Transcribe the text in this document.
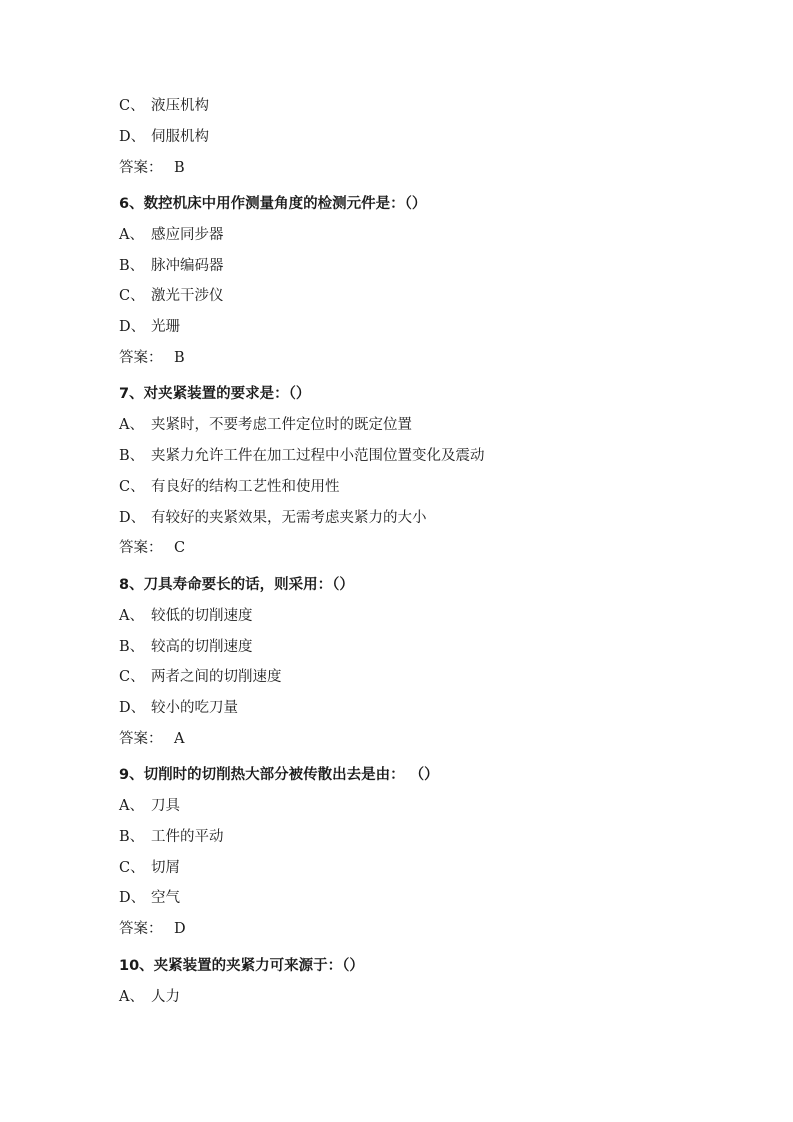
C、 液压机构
D、 伺服机构
答案： B
6、数控机床中用作测量角度的检测元件是：（）
A、 感应同步器
B、 脉冲编码器
C、 激光干涉仪
D、 光珊
答案： B
7、对夹紧装置的要求是：（）
A、 夹紧时，不要考虑工件定位时的既定位置
B、 夹紧力允许工件在加工过程中小范围位置变化及震动
C、 有良好的结构工艺性和使用性
D、 有较好的夹紧效果，无需考虑夹紧力的大小
答案： C
8、刀具寿命要长的话，则采用：（）
A、 较低的切削速度
B、 较高的切削速度
C、 两者之间的切削速度
D、 较小的吃刀量
答案： A
9、切削时的切削热大部分被传散出去是由： （）
A、 刀具
B、 工件的平动
C、 切屑
D、 空气
答案： D
10、夹紧装置的夹紧力可来源于：（）
A、 人力
